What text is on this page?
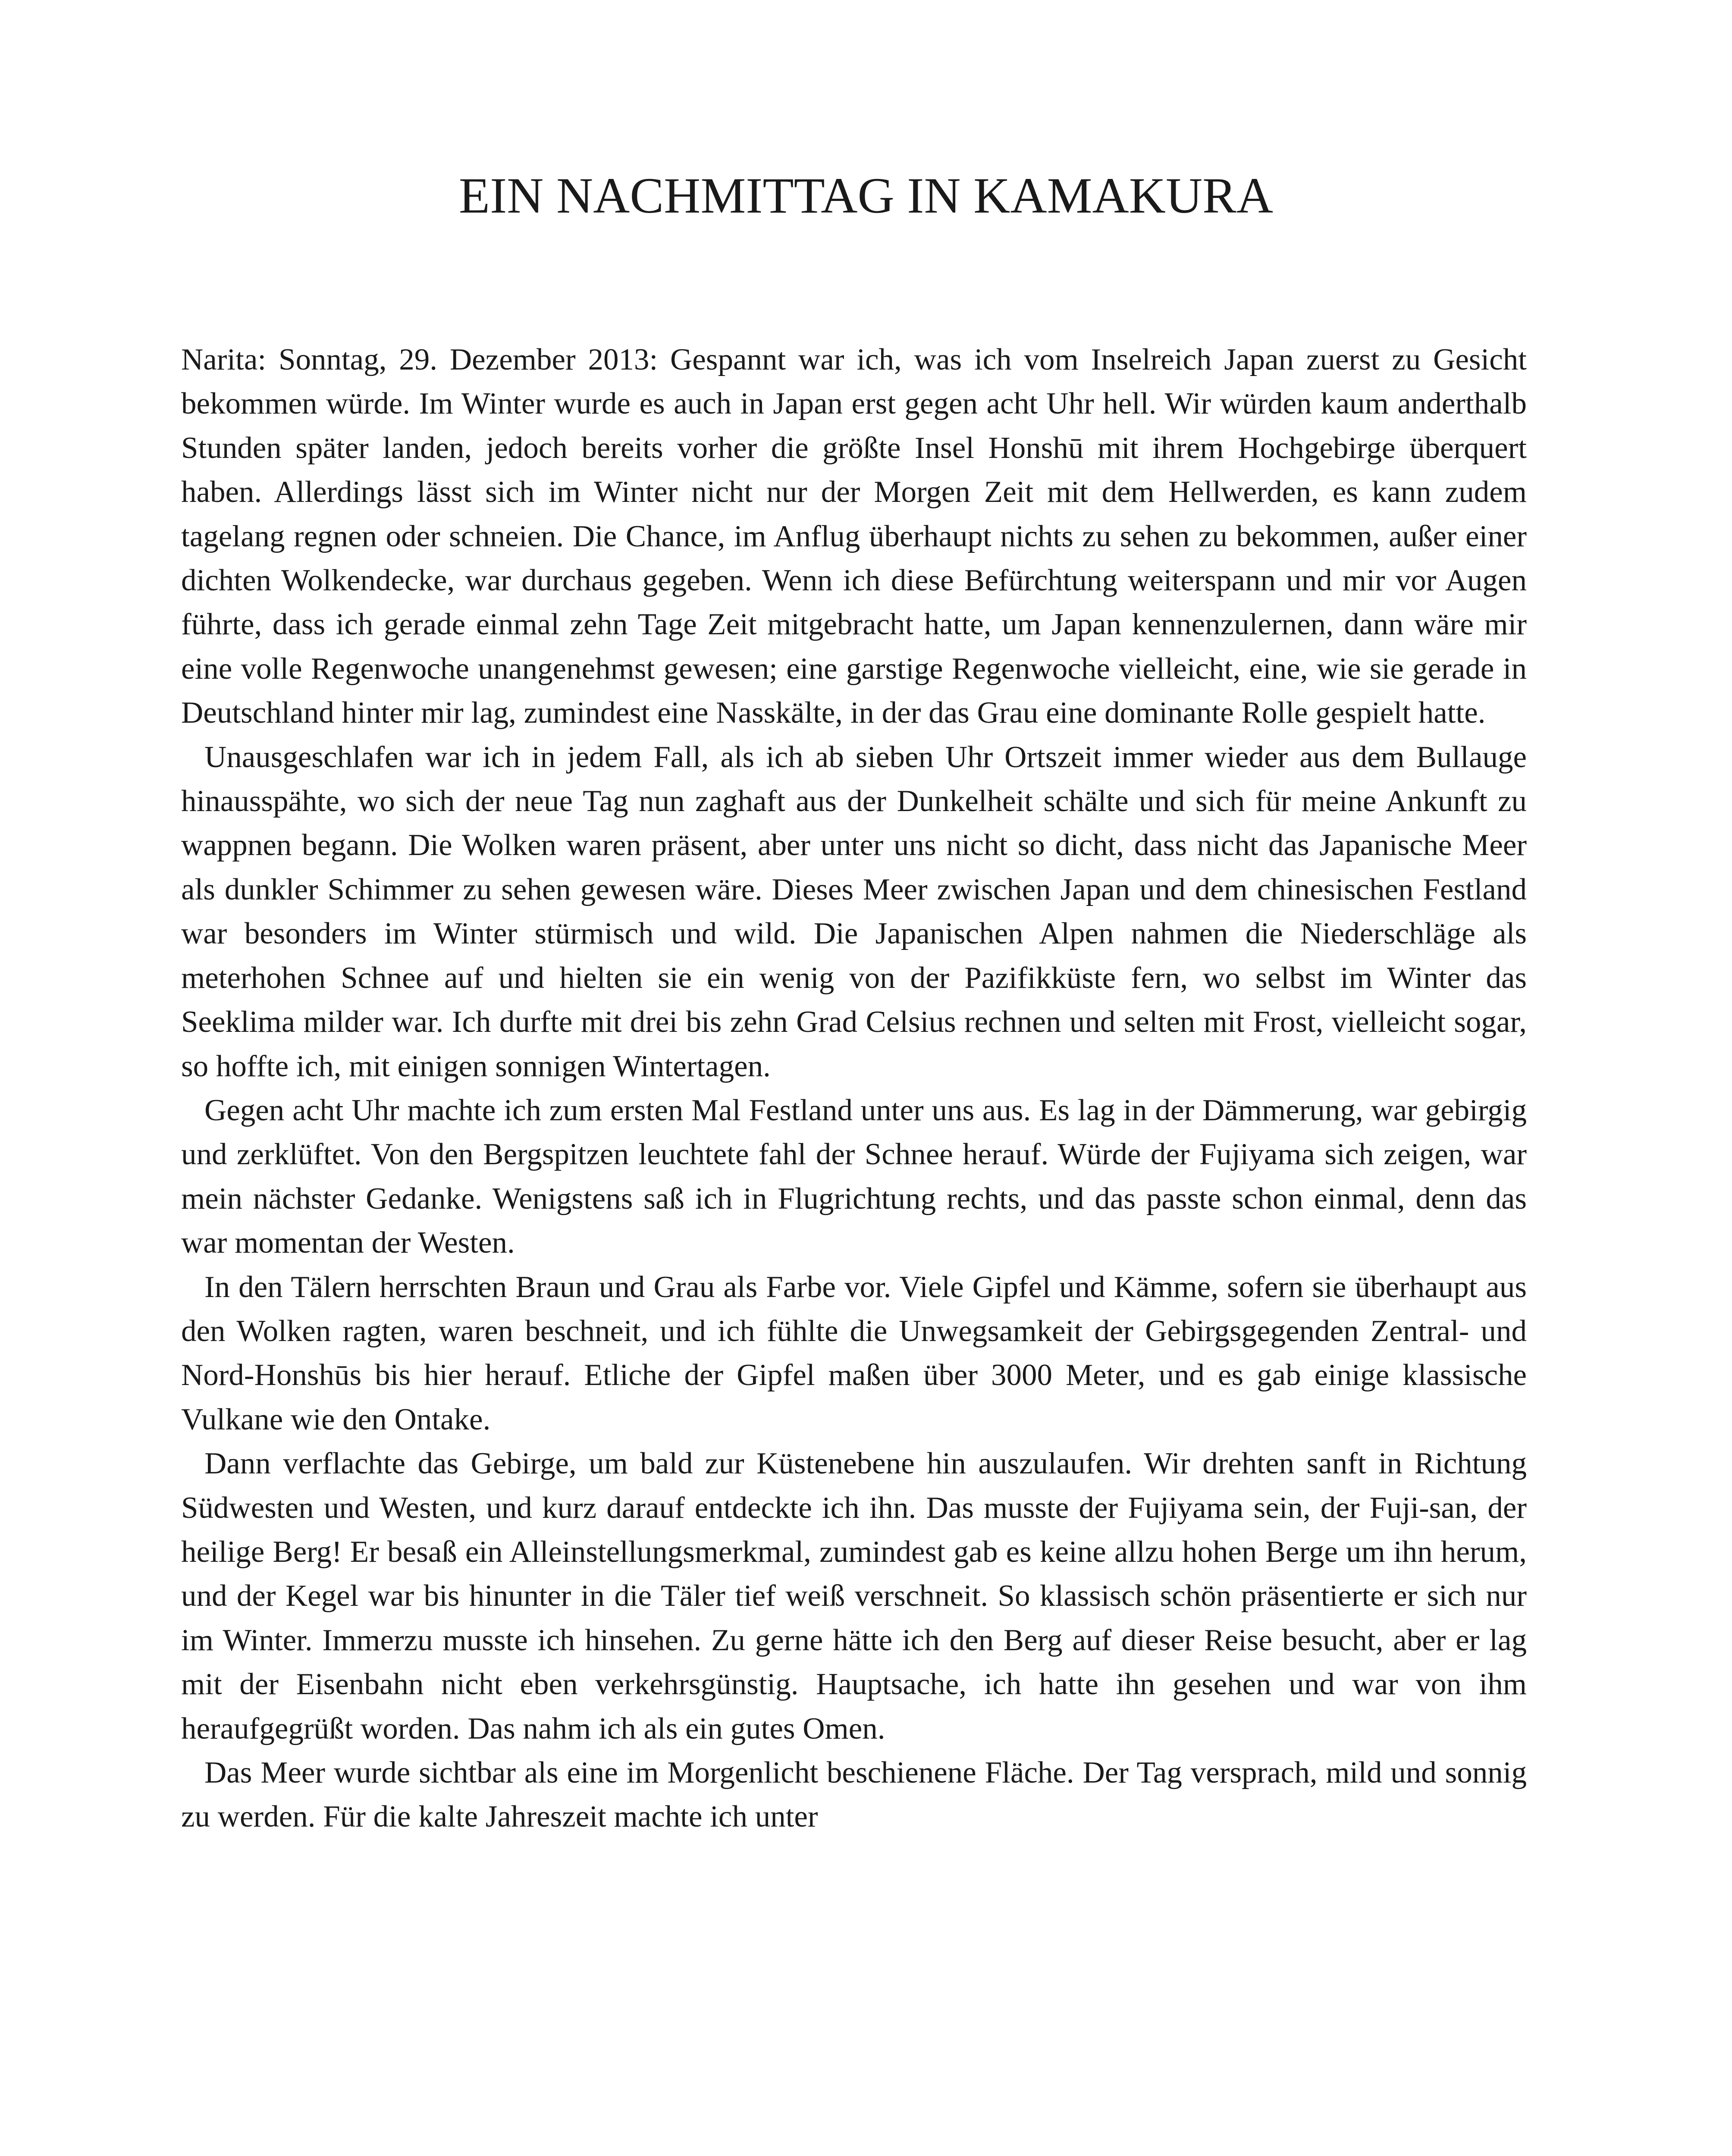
EIN NACHMITTAG IN KAMAKURA

Narita: Sonntag, 29. Dezember 2013: Gespannt war ich, was ich vom Inselreich Japan zuerst zu Gesicht bekommen würde. Im Winter wurde es auch in Japan erst gegen acht Uhr hell. Wir würden kaum anderthalb Stunden später landen, jedoch bereits vorher die größte Insel Honshū mit ihrem Hochgebirge überquert haben. Allerdings lässt sich im Winter nicht nur der Morgen Zeit mit dem Hellwerden, es kann zudem tagelang regnen oder schneien. Die Chance, im Anflug überhaupt nichts zu sehen zu bekommen, außer einer dichten Wolkendecke, war durchaus gegeben. Wenn ich diese Befürchtung weiterspann und mir vor Augen führte, dass ich gerade einmal zehn Tage Zeit mitgebracht hatte, um Japan kennenzulernen, dann wäre mir eine volle Regenwoche unangenehmst gewesen; eine garstige Regenwoche vielleicht, eine, wie sie gerade in Deutschland hinter mir lag, zumindest eine Nasskälte, in der das Grau eine dominante Rolle gespielt hatte.

Unausgeschlafen war ich in jedem Fall, als ich ab sieben Uhr Ortszeit immer wieder aus dem Bullauge hinausspähte, wo sich der neue Tag nun zaghaft aus der Dunkelheit schälte und sich für meine Ankunft zu wappnen begann. Die Wolken waren präsent, aber unter uns nicht so dicht, dass nicht das Japanische Meer als dunkler Schimmer zu sehen gewesen wäre. Dieses Meer zwischen Japan und dem chinesischen Festland war besonders im Winter stürmisch und wild. Die Japanischen Alpen nahmen die Niederschläge als meterhohen Schnee auf und hielten sie ein wenig von der Pazifikküste fern, wo selbst im Winter das Seeklima milder war. Ich durfte mit drei bis zehn Grad Celsius rechnen und selten mit Frost, vielleicht sogar, so hoffte ich, mit einigen sonnigen Wintertagen.

Gegen acht Uhr machte ich zum ersten Mal Festland unter uns aus. Es lag in der Dämmerung, war gebirgig und zerklüftet. Von den Bergspitzen leuchtete fahl der Schnee herauf. Würde der Fujiyama sich zeigen, war mein nächster Gedanke. Wenigstens saß ich in Flugrichtung rechts, und das passte schon einmal, denn das war momentan der Westen.

In den Tälern herrschten Braun und Grau als Farbe vor. Viele Gipfel und Kämme, sofern sie überhaupt aus den Wolken ragten, waren beschneit, und ich fühlte die Unwegsamkeit der Gebirgsgegenden Zentral- und Nord-Honshūs bis hier herauf. Etliche der Gipfel maßen über 3000 Meter, und es gab einige klassische Vulkane wie den Ontake.

Dann verflachte das Gebirge, um bald zur Küstenebene hin auszulaufen. Wir drehten sanft in Richtung Südwesten und Westen, und kurz darauf entdeckte ich ihn. Das musste der Fujiyama sein, der Fuji-san, der heilige Berg! Er besaß ein Alleinstellungsmerkmal, zumindest gab es keine allzu hohen Berge um ihn herum, und der Kegel war bis hinunter in die Täler tief weiß verschneit. So klassisch schön präsentierte er sich nur im Winter. Immerzu musste ich hinsehen. Zu gerne hätte ich den Berg auf dieser Reise besucht, aber er lag mit der Eisenbahn nicht eben verkehrsgünstig. Hauptsache, ich hatte ihn gesehen und war von ihm heraufgegrüßt worden. Das nahm ich als ein gutes Omen.

Das Meer wurde sichtbar als eine im Morgenlicht beschienene Fläche. Der Tag versprach, mild und sonnig zu werden. Für die kalte Jahreszeit machte ich unter
